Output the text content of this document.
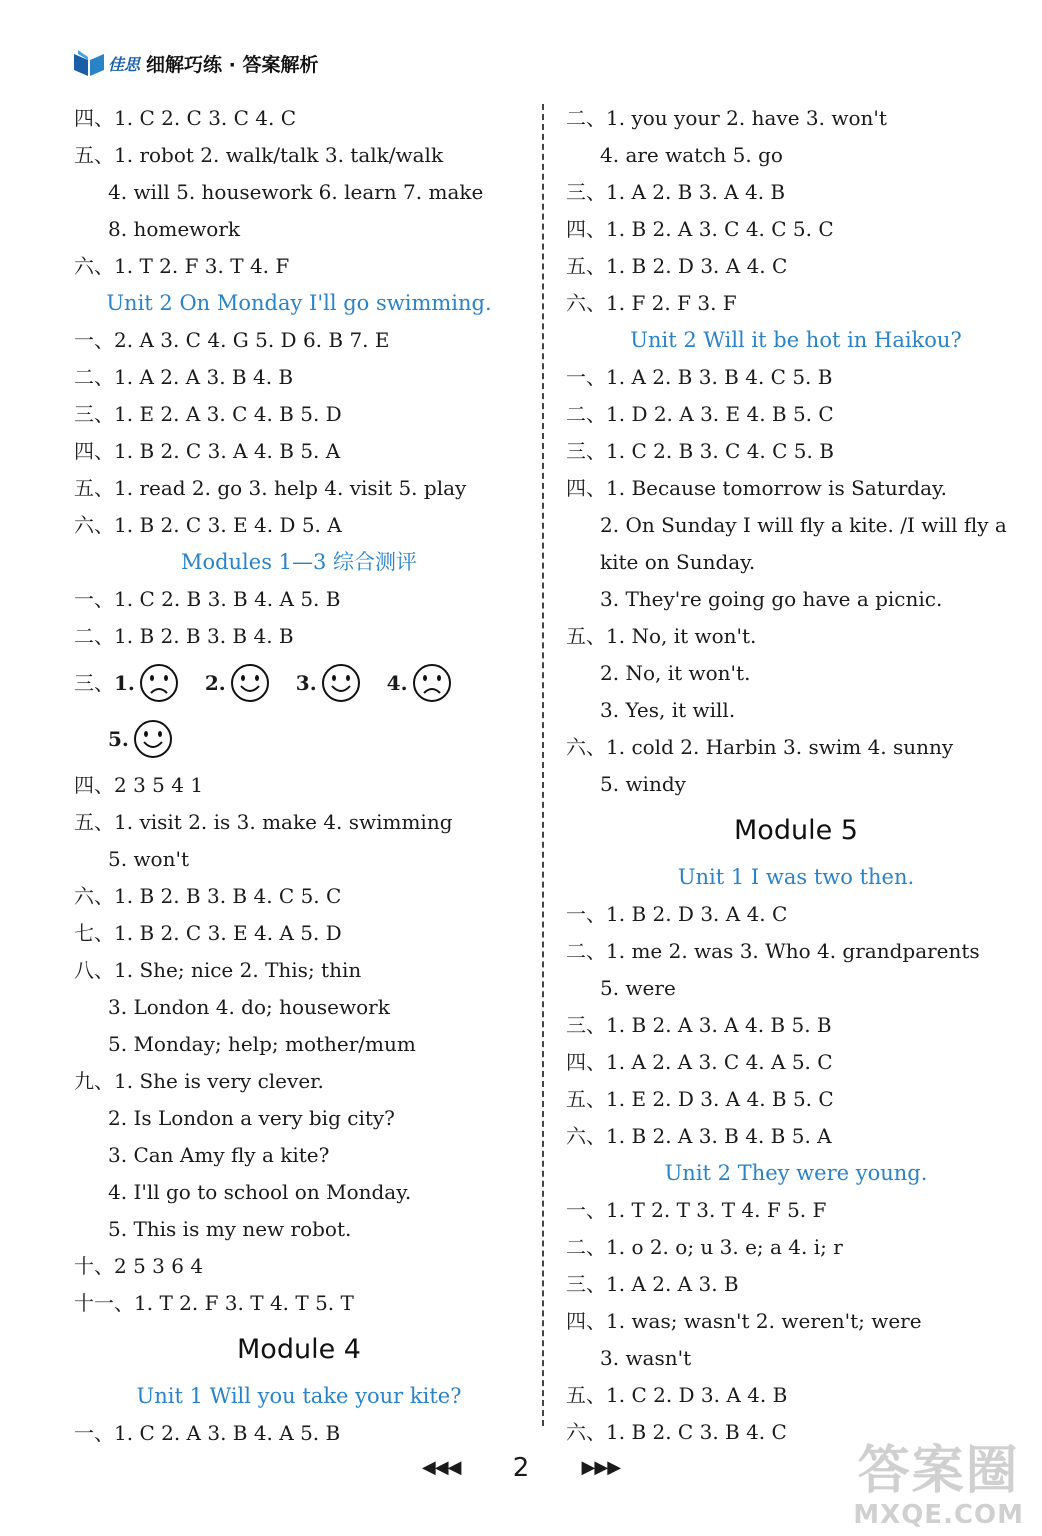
佳思 细解巧练 · 答案解析
四、1. C 2. C 3. C 4. C
五、1. robot 2. walk/talk 3. talk/walk
4. will 5. housework 6. learn 7. make
8. homework
六、1. T 2. F 3. T 4. F
Unit 2 On Monday I'll go swimming.
一、2. A 3. C 4. G 5. D 6. B 7. E
二、1. A 2. A 3. B 4. B
三、1. E 2. A 3. C 4. B 5. D
四、1. B 2. C 3. A 4. B 5. A
五、1. read 2. go 3. help 4. visit 5. play
六、1. B 2. C 3. E 4. D 5. A
Modules 1—3 综合测评
一、1. C 2. B 3. B 4. A 5. B
二、1. B 2. B 3. B 4. B
三、 1.	2.	3.	4.
5.
四、2 3 5 4 1
五、1. visit 2. is 3. make 4. swimming
5. won't
六、1. B 2. B 3. B 4. C 5. C
七、1. B 2. C 3. E 4. A 5. D
八、1. She; nice 2. This; thin
3. London 4. do; housework
5. Monday; help; mother/mum
九、1. She is very clever.
2. Is London a very big city?
3. Can Amy fly a kite?
4. I'll go to school on Monday.
5. This is my new robot.
十、2 5 3 6 4
十一、1. T 2. F 3. T 4. T 5. T
Module 4
Unit 1 Will you take your kite?
一、1. C 2. A 3. B 4. A 5. B
二、1. you your 2. have 3. won't
4. are watch 5. go
三、1. A 2. B 3. A 4. B
四、1. B 2. A 3. C 4. C 5. C
五、1. B 2. D 3. A 4. C
六、1. F 2. F 3. F
Unit 2 Will it be hot in Haikou?
一、1. A 2. B 3. B 4. C 5. B
二、1. D 2. A 3. E 4. B 5. C
三、1. C 2. B 3. C 4. C 5. B
四、1. Because tomorrow is Saturday.
2. On Sunday I will fly a kite. /I will fly a
kite on Sunday.
3. They're going go have a picnic.
五、1. No, it won't.
2. No, it won't.
3. Yes, it will.
六、1. cold 2. Harbin 3. swim 4. sunny
5. windy
Module 5
Unit 1 I was two then.
一、1. B 2. D 3. A 4. C
二、1. me 2. was 3. Who 4. grandparents
5. were
三、1. B 2. A 3. A 4. B 5. B
四、1. A 2. A 3. C 4. A 5. C
五、1. E 2. D 3. A 4. B 5. C
六、1. B 2. A 3. B 4. B 5. A
Unit 2 They were young.
一、1. T 2. T 3. T 4. F 5. F
二、1. o 2. o; u 3. e; a 4. i; r
三、1. A 2. A 3. B
四、1. was; wasn't 2. weren't; were
3. wasn't
五、1. C 2. D 3. A 4. B
六、1. B 2. C 3. B 4. C
◀◀◀ 2	▶▶▶	答案圈
MXQE.COM
